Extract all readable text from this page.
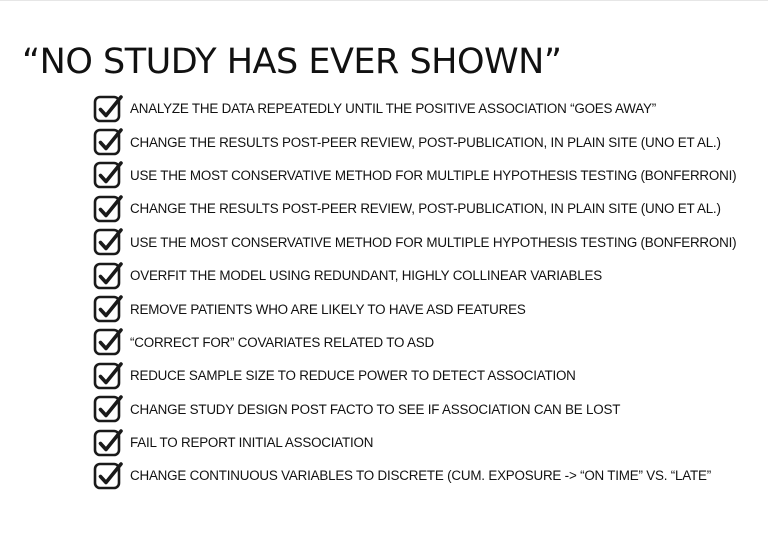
“NO STUDY HAS EVER SHOWN”
ANALYZE THE DATA REPEATEDLY UNTIL THE POSITIVE ASSOCIATION “GOES AWAY”
CHANGE THE RESULTS POST-PEER REVIEW, POST-PUBLICATION, IN PLAIN SITE (UNO ET AL.)
USE THE MOST CONSERVATIVE METHOD FOR MULTIPLE HYPOTHESIS TESTING (BONFERRONI)
CHANGE THE RESULTS POST-PEER REVIEW, POST-PUBLICATION, IN PLAIN SITE (UNO ET AL.)
USE THE MOST CONSERVATIVE METHOD FOR MULTIPLE HYPOTHESIS TESTING (BONFERRONI)
OVERFIT THE MODEL USING REDUNDANT, HIGHLY COLLINEAR VARIABLES
REMOVE PATIENTS WHO ARE LIKELY TO HAVE ASD FEATURES
“CORRECT FOR” COVARIATES RELATED TO ASD
REDUCE SAMPLE SIZE TO REDUCE POWER TO DETECT ASSOCIATION
CHANGE STUDY DESIGN POST FACTO TO SEE IF ASSOCIATION CAN BE LOST
FAIL TO REPORT INITIAL ASSOCIATION
CHANGE CONTINUOUS VARIABLES TO DISCRETE (CUM. EXPOSURE -> “ON TIME” VS. “LATE”
